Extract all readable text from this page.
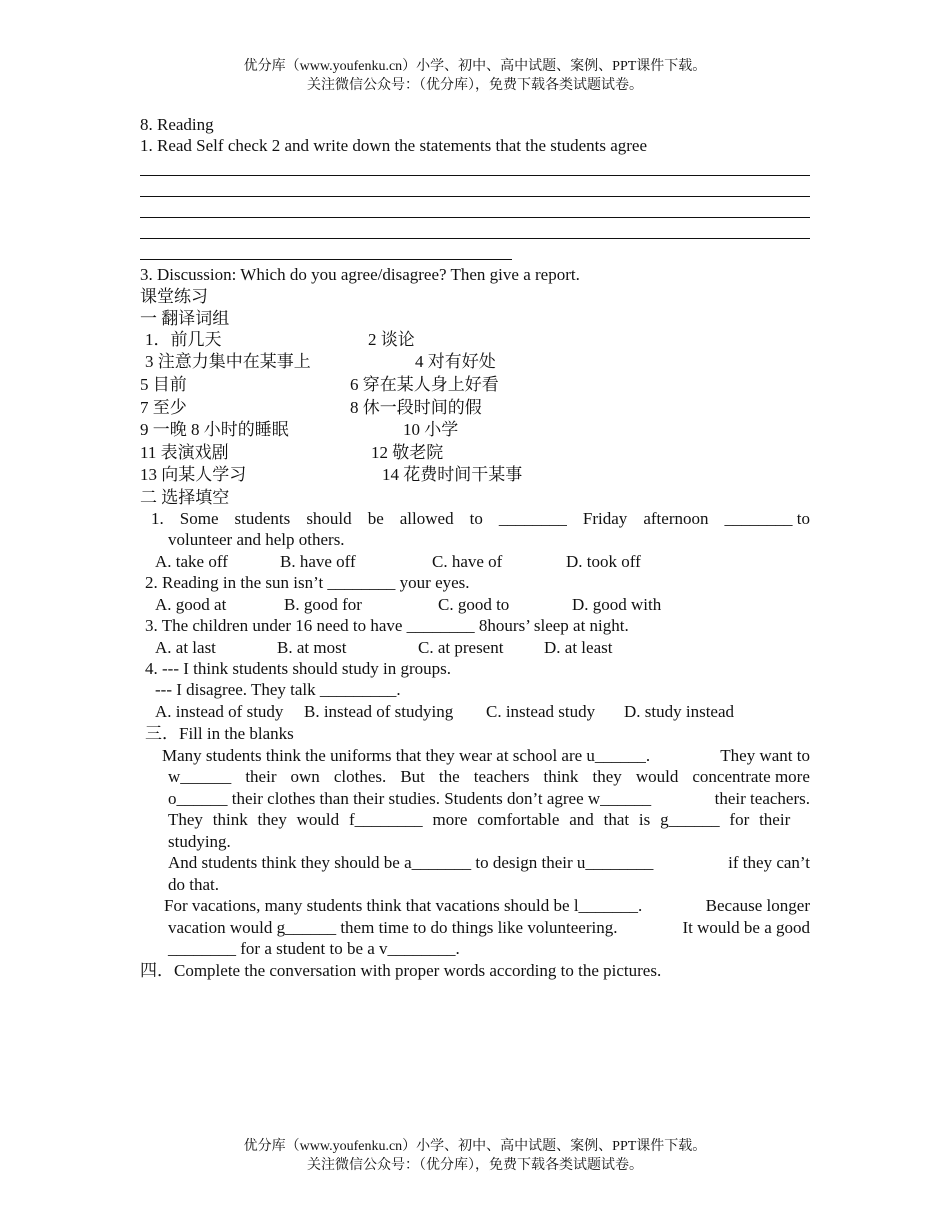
优分库（www.youfenku.cn）小学、初中、高中试题、案例、PPT课件下载。
关注微信公众号：（优分库），免费下载各类试题试卷。
8. Reading
1. Read Self check 2 and write down the statements that the students agree
3. Discussion: Which do you agree/disagree? Then give a report.
课堂练习
一 翻译词组
1．前几天	2 谈论
3 注意力集中在某事上	4 对有好处
5 目前	6 穿在某人身上好看
7 至少	8 休一段时间的假
9 一晚 8 小时的睡眠	10 小学
11 表演戏剧	12 敬老院
13 向某人学习	14 花费时间干某事
二 选择填空
1. Some students should be allowed to ________ Friday afternoon ________ to
volunteer and help others.
A. take off	B. have off	C. have of	D. took off
2. Reading in the sun isn’t ________ your eyes.
A. good at	B. good for	C. good to	D. good with
3. The children under 16 need to have ________ 8hours’ sleep at night.
A. at last	B. at most	C. at present D. at least
4. --- I think students should study in groups.
--- I disagree. They talk _________.
A. instead of study B. instead of studying C. instead study D. study instead
三．Fill in the blanks
Many students think the uniforms that they wear at school are u______.	They want to
w______ their own clothes. But the teachers think they would concentrate more
o______ their clothes than their studies. Students don’t agree w______	their teachers.
They think they would f________ more comfortable and that is g______ for their
studying.
And students think they should be a_______ to design their u________	if they can’t
do that.
For vacations, many students think that vacations should be l_______.	Because longer
vacation would g______ them time to do things like volunteering.	It would be a good
________ for a student to be a v________.
四．Complete the conversation with proper words according to the pictures.
优分库（www.youfenku.cn）小学、初中、高中试题、案例、PPT课件下载。
关注微信公众号：（优分库），免费下载各类试题试卷。
